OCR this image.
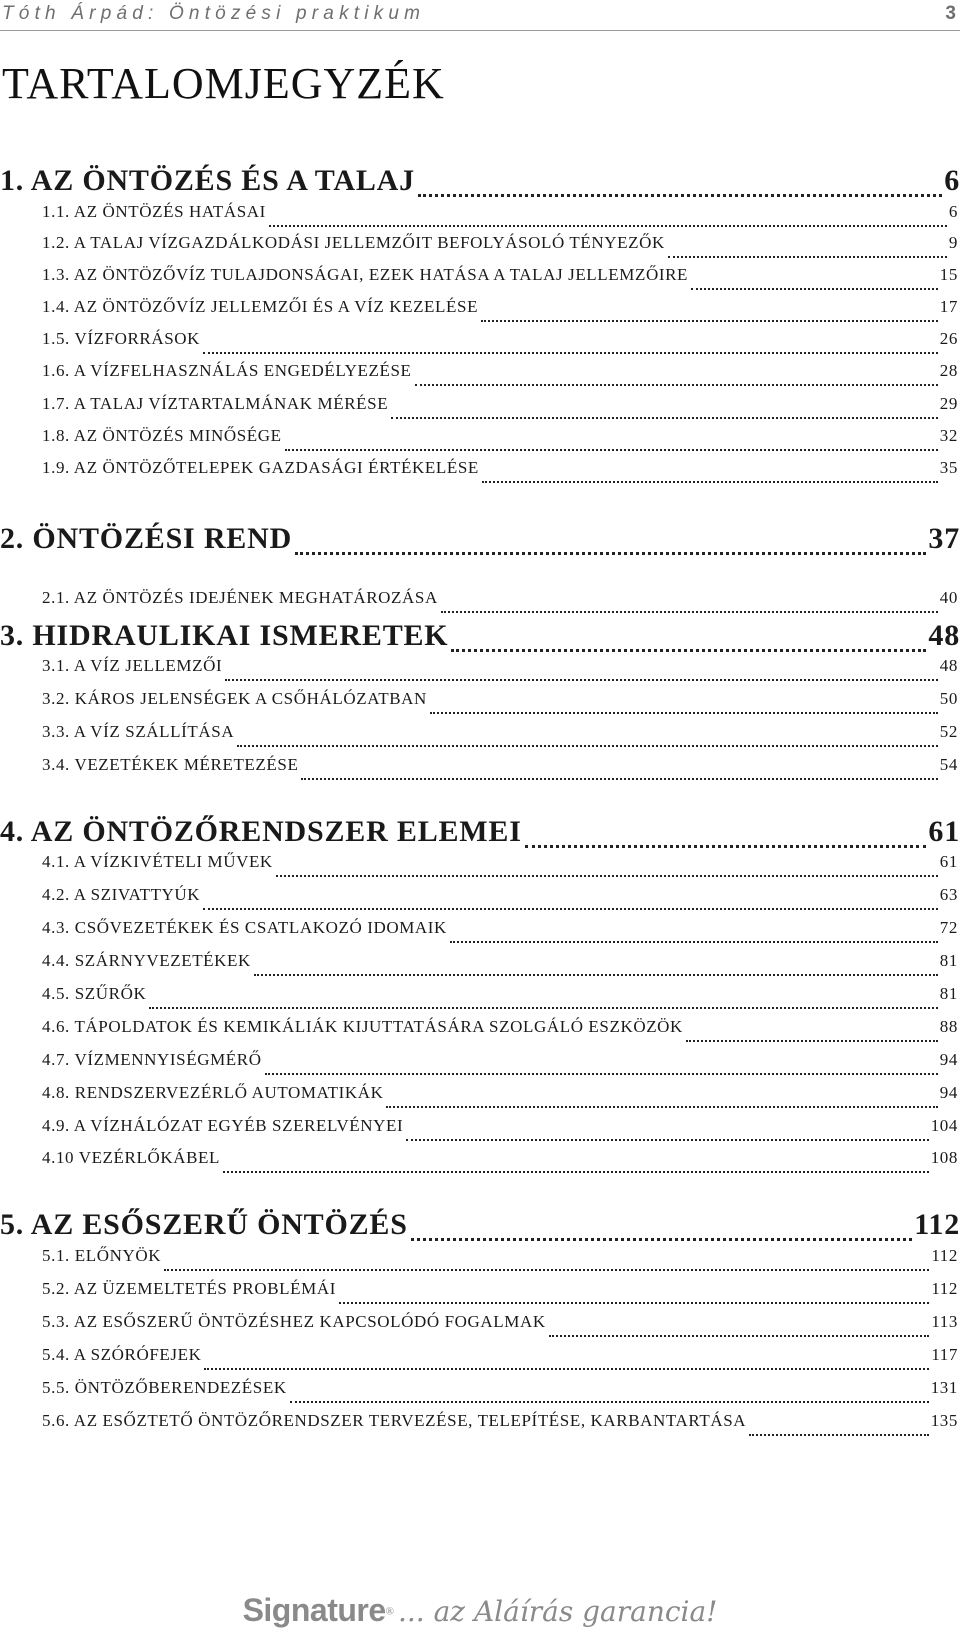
Tóth Árpád: Öntözési praktikum	3
TARTALOMJEGYZÉK
1. AZ ÖNTÖZÉS ÉS A TALAJ	6
1.1. AZ ÖNTÖZÉS HATÁSAI	6
1.2. A TALAJ VÍZGAZDÁLKODÁSI JELLEMZŐIT BEFOLYÁSOLÓ TÉNYEZŐK	9
1.3. AZ ÖNTÖZŐVÍZ TULAJDONSÁGAI, EZEK HATÁSA A TALAJ JELLEMZŐIRE	15
1.4. AZ ÖNTÖZŐVÍZ JELLEMZŐI ÉS A VÍZ KEZELÉSE	17
1.5. VÍZFORRÁSOK	26
1.6. A VÍZFELHASZNÁLÁS ENGEDÉLYEZÉSE	28
1.7. A TALAJ VÍZTARTALMÁNAK MÉRÉSE	29
1.8. AZ ÖNTÖZÉS MINŐSÉGE	32
1.9. AZ ÖNTÖZŐTELEPEK GAZDASÁGI ÉRTÉKELÉSE	35
2. ÖNTÖZÉSI REND	37
2.1. AZ ÖNTÖZÉS IDEJÉNEK MEGHATÁROZÁSA	40
3. HIDRAULIKAI ISMERETEK	48
3.1. A VÍZ JELLEMZŐI	48
3.2. KÁROS JELENSÉGEK A CSŐHÁLÓZATBAN	50
3.3. A VÍZ SZÁLLÍTÁSA	52
3.4. VEZETÉKEK MÉRETEZÉSE	54
4. AZ ÖNTÖZŐRENDSZER ELEMEI	61
4.1. A VÍZKIVÉTELI MŰVEK	61
4.2. A SZIVATTYÚK	63
4.3. CSŐVEZETÉKEK ÉS CSATLAKOZÓ IDOMAIK	72
4.4. SZÁRNYVEZETÉKEK	81
4.5. SZŰRŐK	81
4.6. TÁPOLDATOK ÉS KEMIKÁLIÁK KIJUTTATÁSÁRA SZOLGÁLÓ ESZKÖZÖK	88
4.7. VÍZMENNYISÉGMÉRŐ	94
4.8. RENDSZERVEZÉRLŐ AUTOMATIKÁK	94
4.9. A VÍZHÁLÓZAT EGYÉB SZERELVÉNYEI	104
4.10 VEZÉRLŐKÁBEL	108
5. AZ ESŐSZERŰ ÖNTÖZÉS	112
5.1. ELŐNYÖK	112
5.2. AZ ÜZEMELTETÉS PROBLÉMÁI	112
5.3. AZ ESŐSZERŰ ÖNTÖZÉSHEZ KAPCSOLÓDÓ FOGALMAK	113
5.4. A SZÓRÓFEJEK	117
5.5. ÖNTÖZŐBERENDEZÉSEK	131
5.6. AZ ESŐZTETŐ ÖNTÖZŐRENDSZER TERVEZÉSE, TELEPÍTÉSE, KARBANTARTÁSA	135
Signature® ... az Aláírás garancia!
